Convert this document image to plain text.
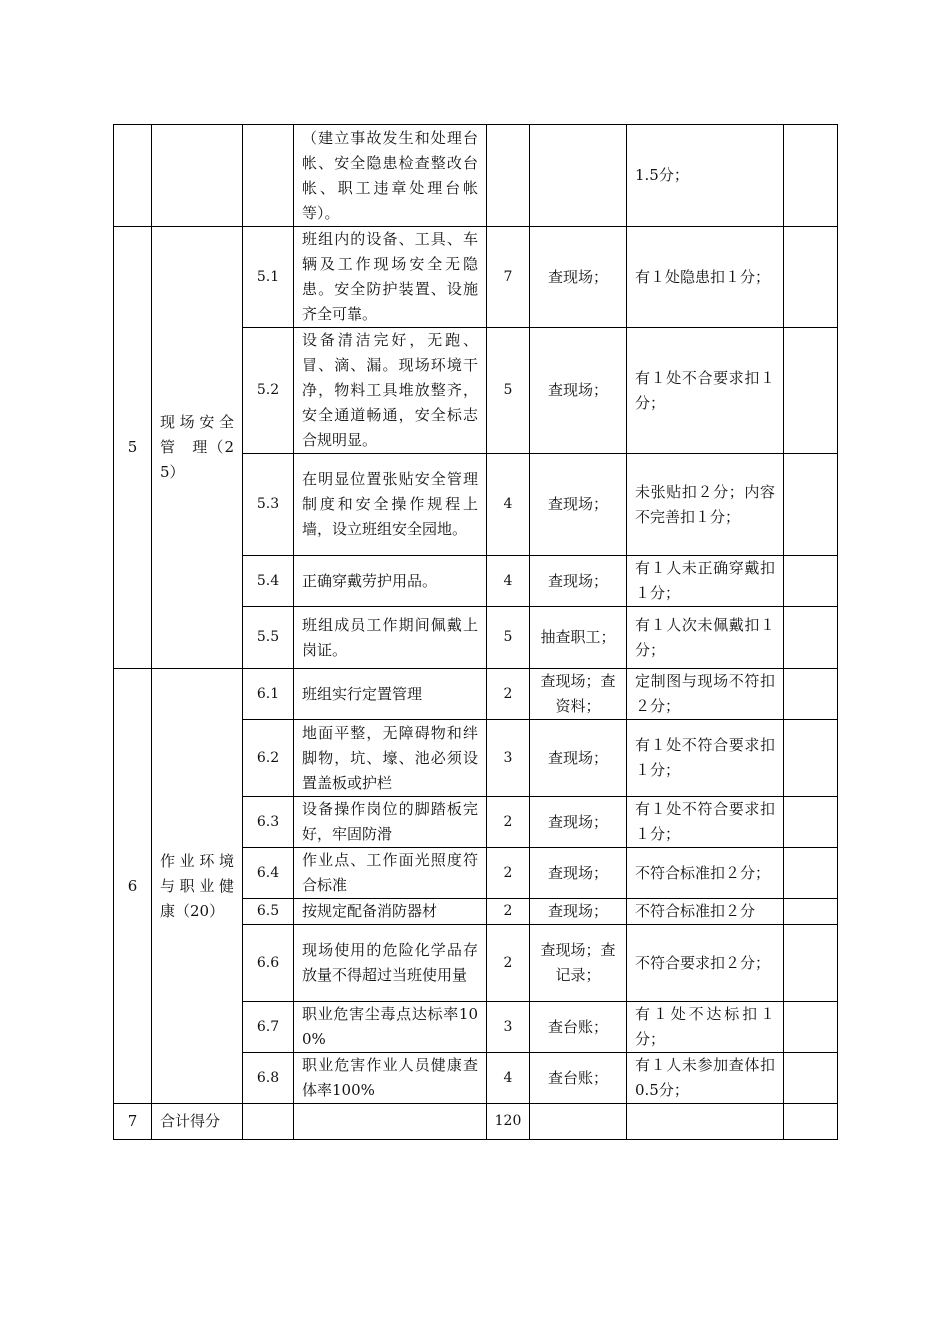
			（建立事故发生和处理台帐、安全隐患检查整改台帐、职工违章处理台帐等）。			1.5分；	
5	现场安全管　理（25）	5.1	班组内的设备、工具、车辆及工作现场安全无隐患。安全防护装置、设施齐全可靠。	7	查现场；	有１处隐患扣１分；	
		5.2	设备清洁完好，无跑、冒、滴、漏。现场环境干净，物料工具堆放整齐，安全通道畅通，安全标志合规明显。	5	查现场；	有１处不合要求扣１分；	
		5.3	在明显位置张贴安全管理制度和安全操作规程上墙，设立班组安全园地。	4	查现场；	未张贴扣２分；内容不完善扣１分；	
		5.4	正确穿戴劳护用品。	4	查现场；	有１人未正确穿戴扣１分；	
		5.5	班组成员工作期间佩戴上岗证。	5	抽查职工；	有１人次未佩戴扣１分；	
6	作业环境与职业健康（20）	6.1	班组实行定置管理	2	查现场；查资料；	定制图与现场不符扣２分；	
		6.2	地面平整，无障碍物和绊脚物，坑、壕、池必须设置盖板或护栏	3	查现场；	有１处不符合要求扣１分；	
		6.3	设备操作岗位的脚踏板完好，牢固防滑	2	查现场；	有１处不符合要求扣１分；	
		6.4	作业点、工作面光照度符合标准	2	查现场；	不符合标准扣２分；	
		6.5	按规定配备消防器材	2	查现场；	不符合标准扣２分	
		6.6	现场使用的危险化学品存放量不得超过当班使用量	2	查现场；查记录；	不符合要求扣２分；	
		6.7	职业危害尘毒点达标率100%	3	查台账；	有１处不达标扣１分；	
		6.8	职业危害作业人员健康查体率100%	4	查台账；	有１人未参加查体扣0.5分；	
7	合计得分			120			
